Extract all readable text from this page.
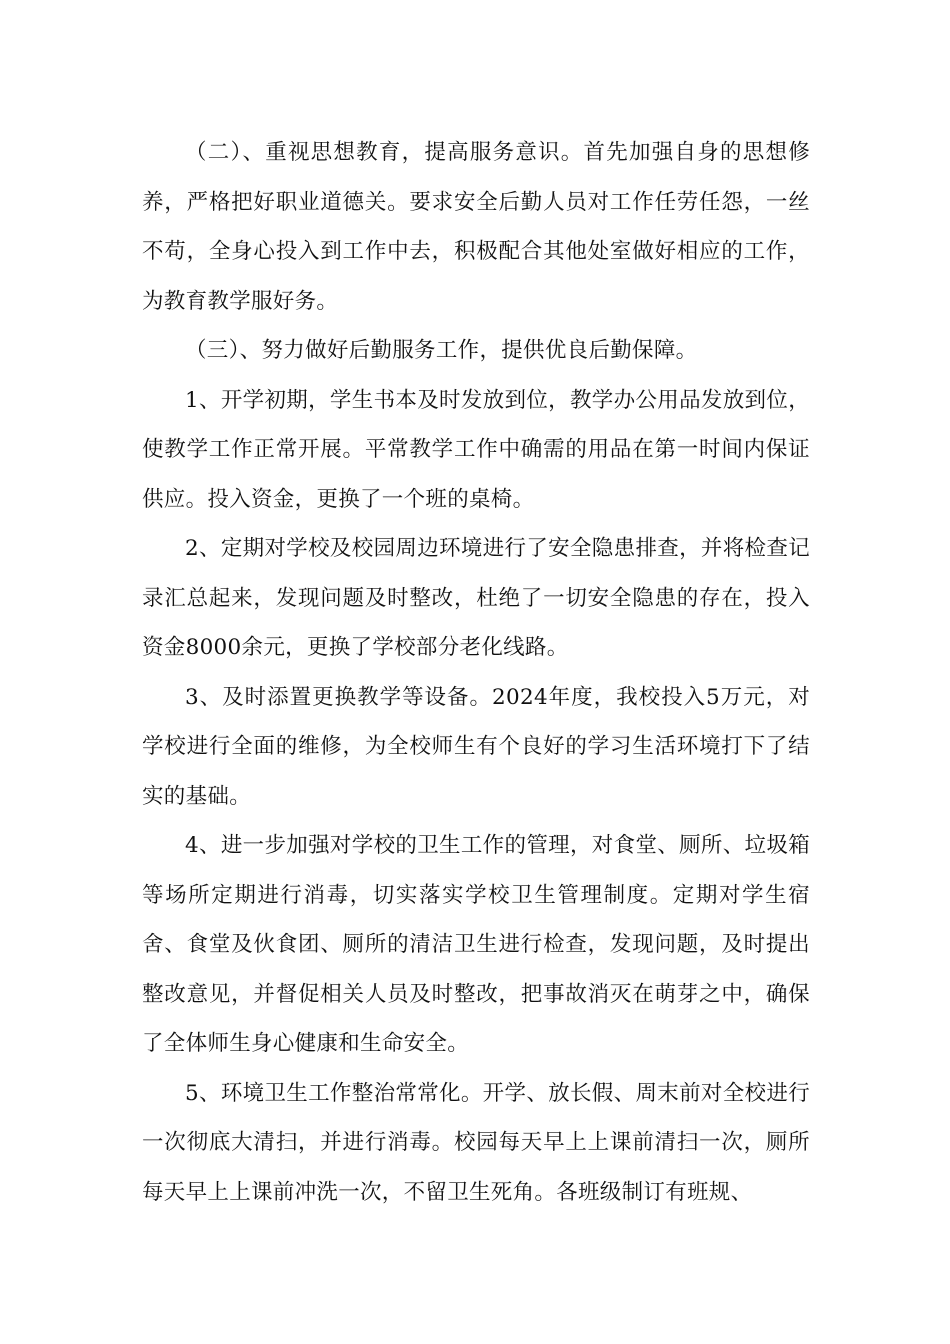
（二）、重视思想教育，提高服务意识。首先加强自身的思想修养，严格把好职业道德关。要求安全后勤人员对工作任劳任怨，一丝不苟，全身心投入到工作中去，积极配合其他处室做好相应的工作，为教育教学服好务。

（三）、努力做好后勤服务工作，提供优良后勤保障。

1、开学初期，学生书本及时发放到位，教学办公用品发放到位，使教学工作正常开展。平常教学工作中确需的用品在第一时间内保证供应。投入资金，更换了一个班的桌椅。

2、定期对学校及校园周边环境进行了安全隐患排查，并将检查记录汇总起来，发现问题及时整改，杜绝了一切安全隐患的存在，投入资金8000余元，更换了学校部分老化线路。

3、及时添置更换教学等设备。2024年度，我校投入5万元，对学校进行全面的维修，为全校师生有个良好的学习生活环境打下了结实的基础。

4、进一步加强对学校的卫生工作的管理，对食堂、厕所、垃圾箱等场所定期进行消毒，切实落实学校卫生管理制度。定期对学生宿舍、食堂及伙食团、厕所的清洁卫生进行检查，发现问题，及时提出整改意见，并督促相关人员及时整改，把事故消灭在萌芽之中，确保了全体师生身心健康和生命安全。

5、环境卫生工作整治常常化。开学、放长假、周末前对全校进行一次彻底大清扫，并进行消毒。校园每天早上上课前清扫一次，厕所每天早上上课前冲洗一次，不留卫生死角。各班级制订有班规、
